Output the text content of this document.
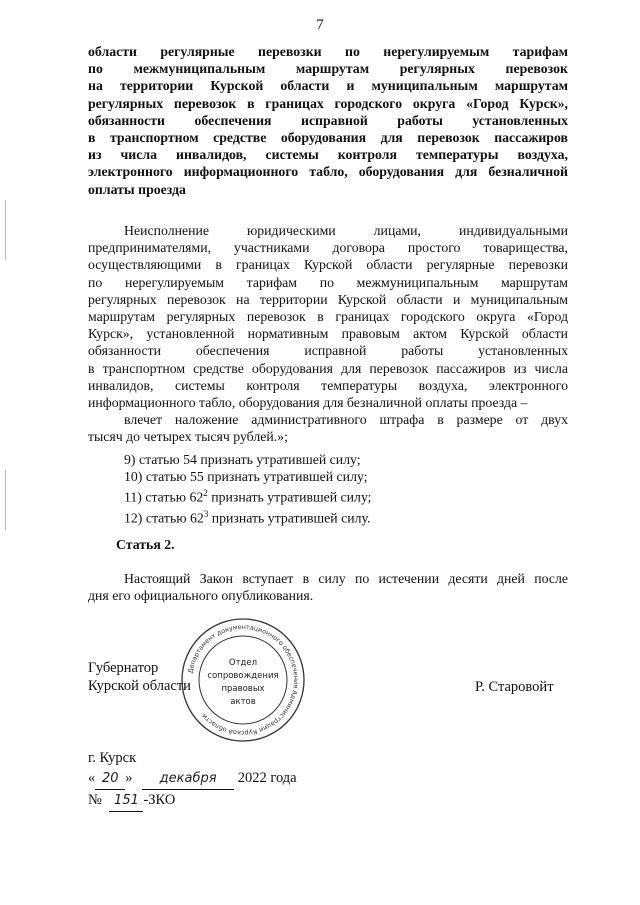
7
области регулярные перевозки по нерегулируемым тарифам
по межмуниципальным маршрутам регулярных перевозок
на территории Курской области и муниципальным маршрутам
регулярных перевозок в границах городского округа «Город Курск»,
обязанности обеспечения исправной работы установленных
в транспортном средстве оборудования для перевозок пассажиров
из числа инвалидов, системы контроля температуры воздуха,
электронного информационного табло, оборудования для безналичной
оплаты проезда
Неисполнение юридическими лицами, индивидуальными
предпринимателями, участниками договора простого товарищества,
осуществляющими в границах Курской области регулярные перевозки
по нерегулируемым тарифам по межмуниципальным маршрутам
регулярных перевозок на территории Курской области и муниципальным
маршрутам регулярных перевозок в границах городского округа «Город
Курск», установленной нормативным правовым актом Курской области
обязанности обеспечения исправной работы установленных
в транспортном средстве оборудования для перевозок пассажиров из числа
инвалидов, системы контроля температуры воздуха, электронного
информационного табло, оборудования для безналичной оплаты проезда –
влечет наложение административного штрафа в размере от двух
тысяч до четырех тысяч рублей.»;
9) статью 54 признать утратившей силу;
10) статью 55 признать утратившей силу;
11) статью $62^2$ признать утратившей силу;
12) статью $62^3$ признать утратившей силу.
Статья 2.
Настоящий Закон вступает в силу по истечении десяти дней после
дня его официального опубликования.
Губернатор
Курской области	Р. Старовойт
Департамент документационного обеспечения Администрации Курской области
Отдел
сопровождения
правовых
актов
г. Курск
« 20 » декабря 2022 года
№ 151 -ЗКО
